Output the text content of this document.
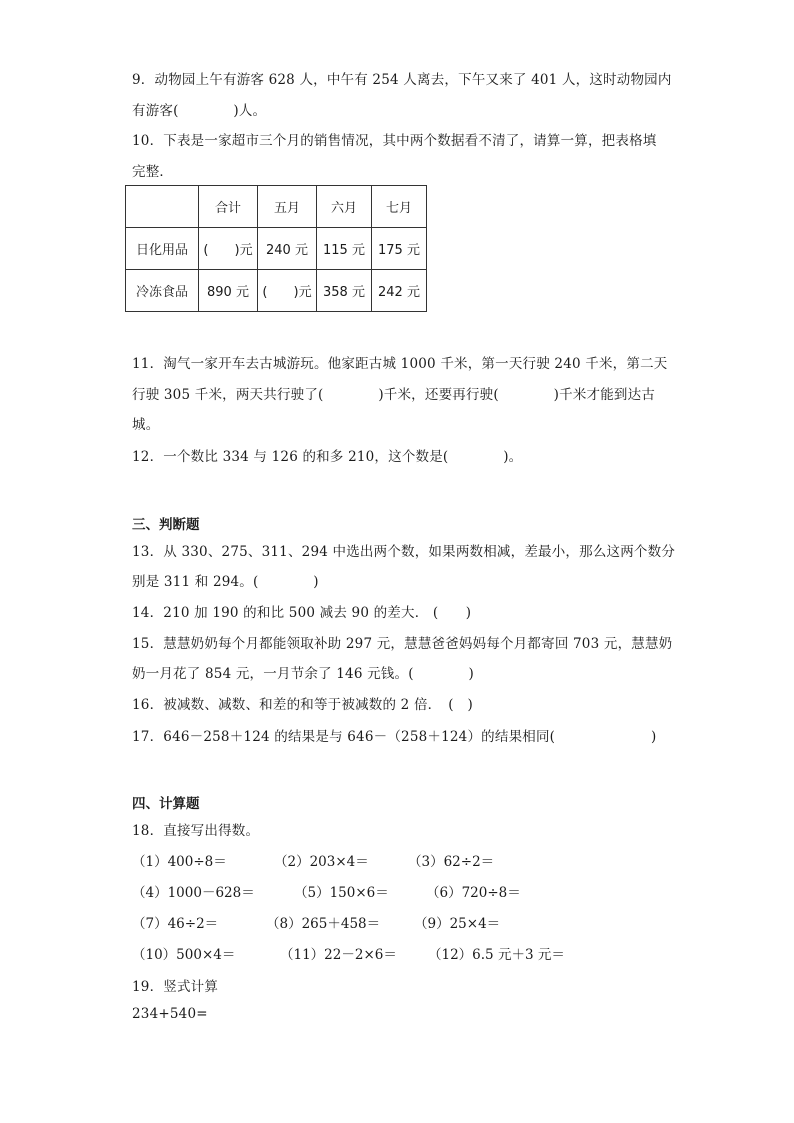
9．动物园上午有游客 628 人，中午有 254 人离去，下午又来了 401 人，这时动物园内
有游客(　　　　)人。
10．下表是一家超市三个月的销售情况，其中两个数据看不清了，请算一算，把表格填
完整．
	合计	五月	六月	七月
日化用品	(　　)元	240 元	115 元	175 元
冷冻食品	890 元	(　　)元	358 元	242 元
11．淘气一家开车去古城游玩。他家距古城 1000 千米，第一天行驶 240 千米，第二天
行驶 305 千米，两天共行驶了(　　　　)千米，还要再行驶(　　　　)千米才能到达古
城。
12．一个数比 334 与 126 的和多 210，这个数是(　　　　)。
三、判断题
13．从 330、275、311、294 中选出两个数，如果两数相减，差最小，那么这两个数分
别是 311 和 294。(　　　　)
14．210 加 190 的和比 500 减去 90 的差大． (　　)
15．慧慧奶奶每个月都能领取补助 297 元，慧慧爸爸妈妈每个月都寄回 703 元，慧慧奶
奶一月花了 854 元，一月节余了 146 元钱。(　　　　)
16．被减数、减数、和差的和等于被减数的 2 倍．　(　)
17．646－258＋124 的结果是与 646－（258＋124）的结果相同(　　　　　　　)
四、计算题
18．直接写出得数。
（1）400÷8＝	（2）203×4＝	（3）62÷2＝
（4）1000－628＝	（5）150×6＝	（6）720÷8＝
（7）46÷2＝	（8）265＋458＝	（9）25×4＝
（10）500×4＝	（11）22－2×6＝ （12）6.5 元＋3 元＝
19．竖式计算
234+540=
